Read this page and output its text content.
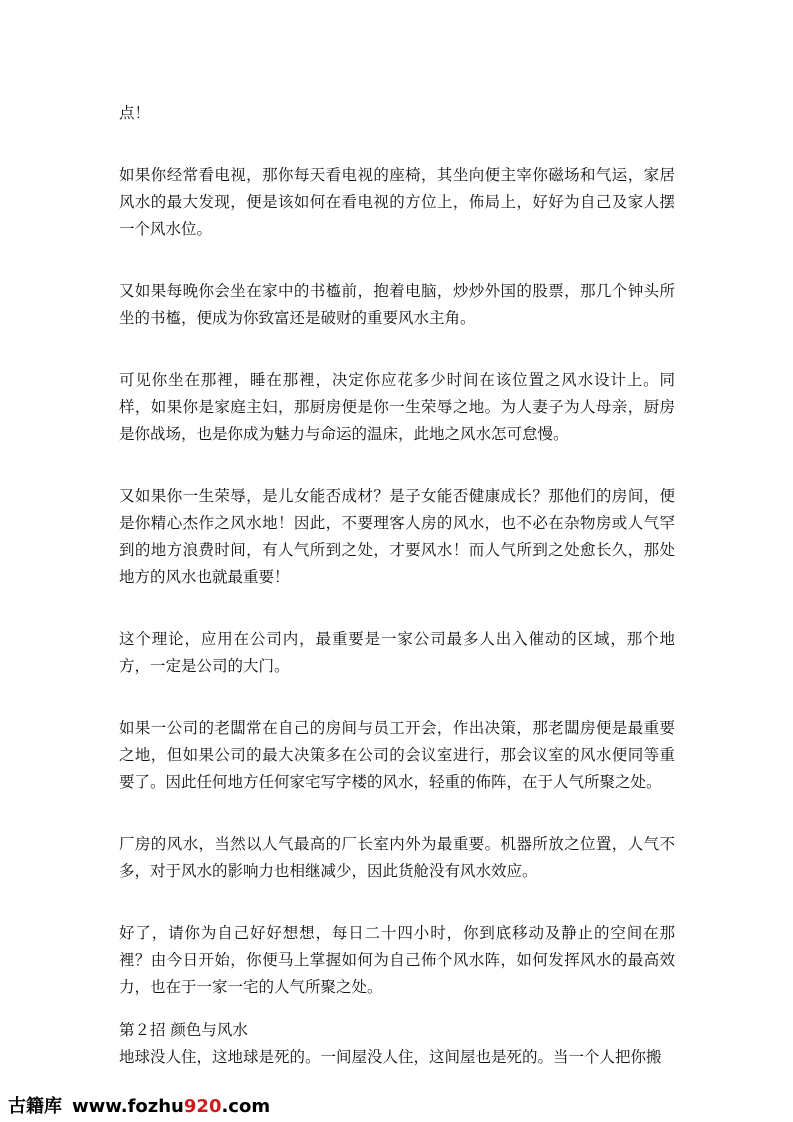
点！

如果你经常看电视，那你每天看电视的座椅，其坐向便主宰你磁场和气运，家居风水的最大发现，便是该如何在看电视的方位上，佈局上，好好为自己及家人摆一个风水位。

又如果每晚你会坐在家中的书橀前，抱着电脑，炒炒外国的股票，那几个钟头所坐的书橀，便成为你致富还是破财的重要风水主角。

可见你坐在那裡，睡在那裡，决定你应花多少时间在该位置之风水设计上。同样，如果你是家庭主妇，那厨房便是你一生荣辱之地。为人妻子为人母亲，厨房是你战场，也是你成为魅力与命运的温床，此地之风水怎可怠慢。

又如果你一生荣辱，是儿女能否成材？是子女能否健康成长？那他们的房间，便是你精心杰作之风水地！因此，不要理客人房的风水，也不必在杂物房或人气罕到的地方浪费时间，有人气所到之处，才要风水！而人气所到之处愈长久，那处地方的风水也就最重要！

这个理论，应用在公司内，最重要是一家公司最多人出入催动的区域，那个地方，一定是公司的大门。

如果一公司的老闆常在自己的房间与员工开会，作出决策，那老闆房便是最重要之地，但如果公司的最大决策多在公司的会议室进行，那会议室的风水便同等重要了。因此任何地方任何家宅写字楼的风水，轻重的佈阵，在于人气所聚之处。

厂房的风水，当然以人气最高的厂长室内外为最重要。机器所放之位置，人气不多，对于风水的影响力也相继减少，因此货舱没有风水效应。

好了，请你为自己好好想想，每日二十四小时，你到底移动及静止的空间在那裡？由今日开始，你便马上掌握如何为自己佈个风水阵，如何发挥风水的最高效力，也在于一家一宅的人气所聚之处。

第２招 颜色与风水

地球没人住，这地球是死的。一间屋没人住，这间屋也是死的。当一个人把你搬

古籍库 www.fozhu 920 .com
